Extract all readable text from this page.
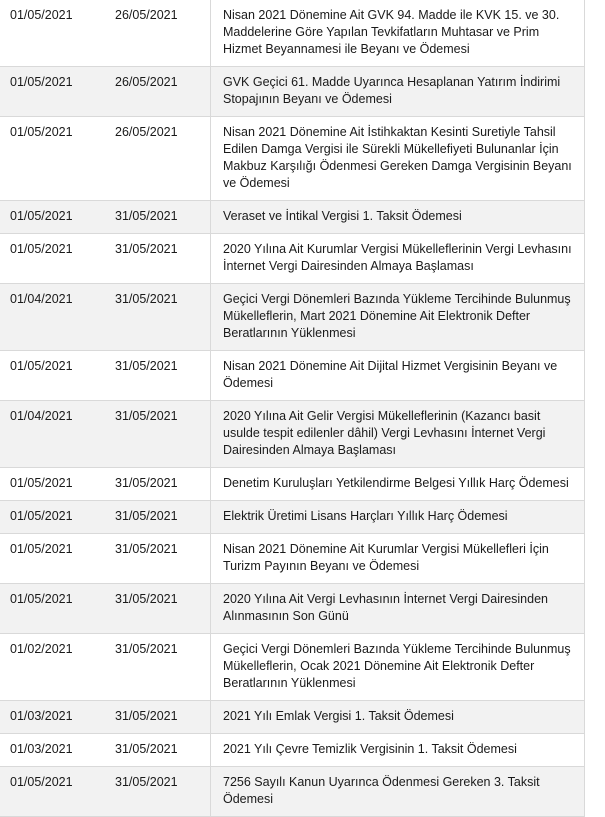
01/05/2021	26/05/2021	Nisan 2021 Dönemine Ait GVK 94. Madde ile KVK 15. ve 30. Maddelerine Göre Yapılan Tevkifatların Muhtasar ve Prim Hizmet Beyannamesi ile Beyanı ve Ödemesi
01/05/2021	26/05/2021	GVK Geçici 61. Madde Uyarınca Hesaplanan Yatırım İndirimi Stopajının Beyanı ve Ödemesi
01/05/2021	26/05/2021	Nisan 2021 Dönemine Ait İstihkaktan Kesinti Suretiyle Tahsil Edilen Damga Vergisi ile Sürekli Mükellefiyeti Bulunanlar İçin Makbuz Karşılığı Ödenmesi Gereken Damga Vergisinin Beyanı ve Ödemesi
01/05/2021	31/05/2021	Veraset ve İntikal Vergisi 1. Taksit Ödemesi
01/05/2021	31/05/2021	2020 Yılına Ait Kurumlar Vergisi Mükelleflerinin Vergi Levhasını İnternet Vergi Dairesinden Almaya Başlaması
01/04/2021	31/05/2021	Geçici Vergi Dönemleri Bazında Yükleme Tercihinde Bulunmuş Mükelleflerin, Mart 2021 Dönemine Ait Elektronik Defter Beratlarının Yüklenmesi
01/05/2021	31/05/2021	Nisan 2021 Dönemine Ait Dijital Hizmet Vergisinin Beyanı ve Ödemesi
01/04/2021	31/05/2021	2020 Yılına Ait Gelir Vergisi Mükelleflerinin (Kazancı basit usulde tespit edilenler dâhil) Vergi Levhasını İnternet Vergi Dairesinden Almaya Başlaması
01/05/2021	31/05/2021	Denetim Kuruluşları Yetkilendirme Belgesi Yıllık Harç Ödemesi
01/05/2021	31/05/2021	Elektrik Üretimi Lisans Harçları Yıllık Harç Ödemesi
01/05/2021	31/05/2021	Nisan 2021 Dönemine Ait Kurumlar Vergisi Mükellefleri İçin Turizm Payının Beyanı ve Ödemesi
01/05/2021	31/05/2021	2020 Yılına Ait Vergi Levhasının İnternet Vergi Dairesinden Alınmasının Son Günü
01/02/2021	31/05/2021	Geçici Vergi Dönemleri Bazında Yükleme Tercihinde Bulunmuş Mükelleflerin, Ocak 2021 Dönemine Ait Elektronik Defter Beratlarının Yüklenmesi
01/03/2021	31/05/2021	2021 Yılı Emlak Vergisi 1. Taksit Ödemesi
01/03/2021	31/05/2021	2021 Yılı Çevre Temizlik Vergisinin 1. Taksit Ödemesi
01/05/2021	31/05/2021	7256 Sayılı Kanun Uyarınca Ödenmesi Gereken 3. Taksit Ödemesi
